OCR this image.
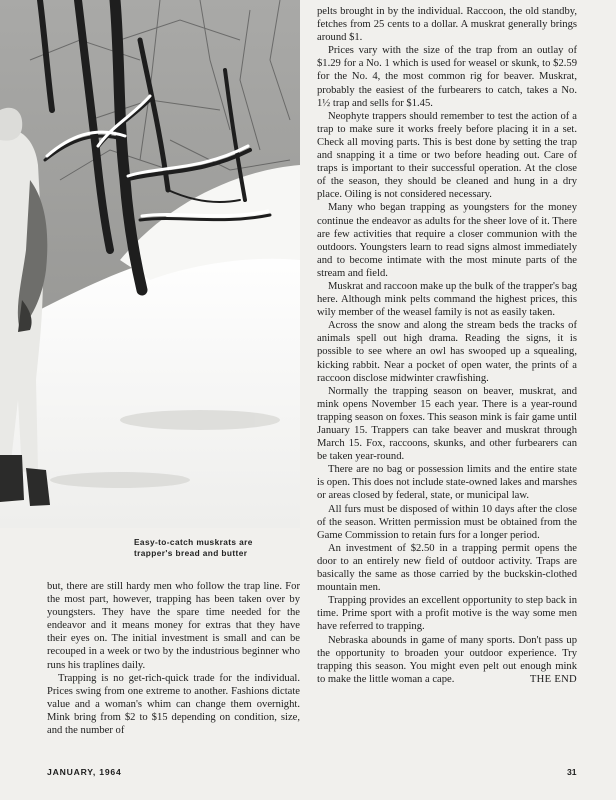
Easy-to-catch muskrats are trapper's bread and butter

but, there are still hardy men who follow the trap line. For the most part, however, trapping has been taken over by youngsters. They have the spare time needed for the endeavor and it means money for extras that they have their eyes on. The initial investment is small and can be recouped in a week or two by the industrious beginner who runs his traplines daily.

Trapping is no get-rich-quick trade for the individual. Prices swing from one extreme to another. Fashions dictate value and a woman's whim can change them overnight. Mink bring from $2 to $15 depending on condition, size, and the number of

pelts brought in by the individual. Raccoon, the old standby, fetches from 25 cents to a dollar. A muskrat generally brings around $1.

Prices vary with the size of the trap from an outlay of $1.29 for a No. 1 which is used for weasel or skunk, to $2.59 for the No. 4, the most common rig for beaver. Muskrat, probably the easiest of the furbearers to catch, takes a No. 1½ trap and sells for $1.45.

Neophyte trappers should remember to test the action of a trap to make sure it works freely before placing it in a set. Check all moving parts. This is best done by setting the trap and snapping it a time or two before heading out. Care of traps is important to their successful operation. At the close of the season, they should be cleaned and hung in a dry place. Oiling is not considered necessary.

Many who began trapping as youngsters for the money continue the endeavor as adults for the sheer love of it. There are few activities that require a closer communion with the outdoors. Youngsters learn to read signs almost immediately and to become intimate with the most minute parts of the stream and field.

Muskrat and raccoon make up the bulk of the trapper's bag here. Although mink pelts command the highest prices, this wily member of the weasel family is not as easily taken.

Across the snow and along the stream beds the tracks of animals spell out high drama. Reading the signs, it is possible to see where an owl has swooped up a squealing, kicking rabbit. Near a pocket of open water, the prints of a raccoon disclose midwinter crawfishing.

Normally the trapping season on beaver, muskrat, and mink opens November 15 each year. There is a year-round trapping season on foxes. This season mink is fair game until January 15. Trappers can take beaver and muskrat through March 15. Fox, raccoons, skunks, and other furbearers can be taken year-round.

There are no bag or possession limits and the entire state is open. This does not include state-owned lakes and marshes or areas closed by federal, state, or municipal law.

All furs must be disposed of within 10 days after the close of the season. Written permission must be obtained from the Game Commission to retain furs for a longer period.

An investment of $2.50 in a trapping permit opens the door to an entirely new field of outdoor activity. Traps are basically the same as those carried by the buckskin-clothed mountain men.

Trapping provides an excellent opportunity to step back in time. Prime sport with a profit motive is the way some men have referred to trapping.

Nebraska abounds in game of many sports. Don't pass up the opportunity to broaden your outdoor experience. Try trapping this season. You might even pelt out enough mink to make the little woman a cape.	THE END

JANUARY, 1964	31
